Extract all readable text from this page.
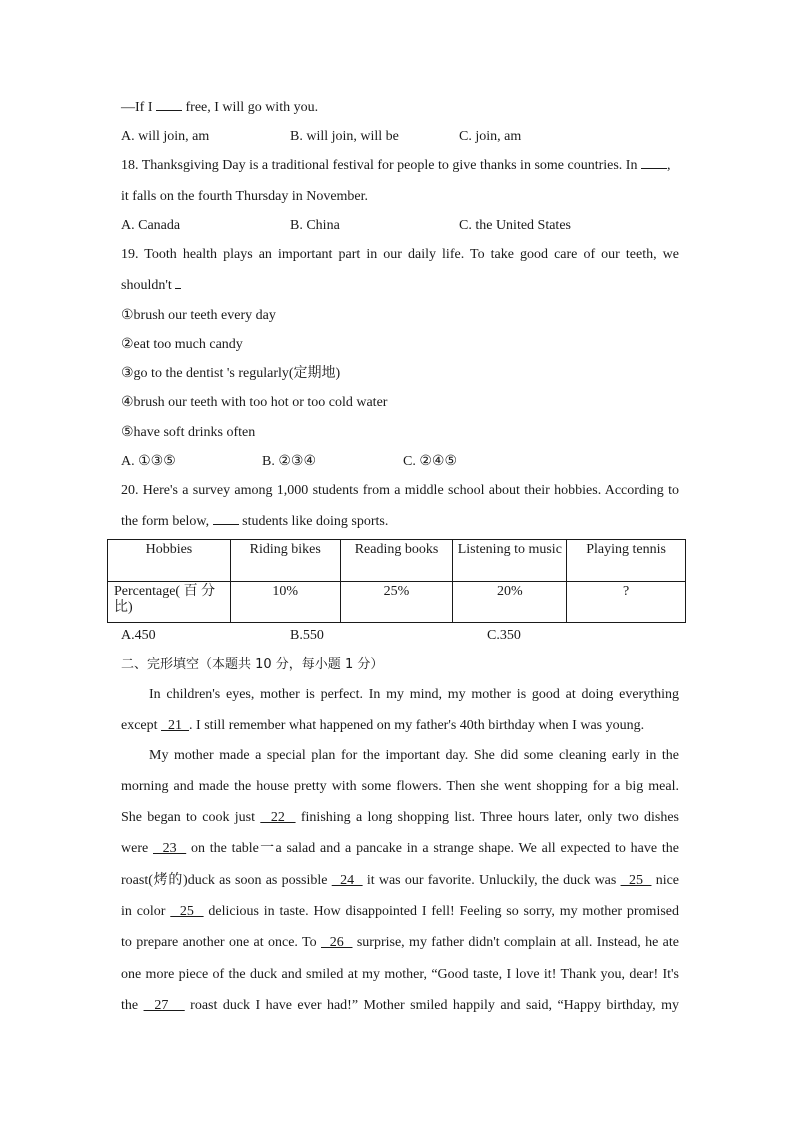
—If I  free, I will go with you.
A. will join, am	B. will join, will be	C. join, am
18. Thanksgiving Day is a traditional festival for people to give thanks in some countries. In ,
it falls on the fourth Thursday in November.
A. Canada	B. China	C. the United States
19. Tooth health plays an important part in our daily life. To take good care of our teeth, we
shouldn't
①brush our teeth every day
②eat too much candy
③go to the dentist 's regularly(定期地)
④brush our teeth with too hot or too cold water
⑤have soft drinks often
A. ①③⑤	B. ②③④	C. ②④⑤
20. Here's a survey among 1,000 students from a middle school about their hobbies. According to
the form below,  students like doing sports.
Hobbies	Riding bikes	Reading books	Listening to music	Playing tennis
Percentage( 百 分 比)	10%	25%	20%	?
A.450	B.550	C.350
二、完形填空（本题共 10 分，每小题 1 分）
In children's eyes, mother is perfect. In my mind, my mother is good at doing everything
except   21  . I still remember what happened on my father's 40th birthday when I was young.
My mother made a special plan for the important day. She did some cleaning early in the
morning and made the house pretty with some flowers. Then she went shopping for a big meal.
She began to cook just   22   finishing a long shopping list. Three hours later, only two dishes
were   23   on the table一a salad and a pancake in a strange shape. We all expected to have the
roast(烤的)duck as soon as possible   24   it was our favorite. Unluckily, the duck was   25   nice
in color   25   delicious in taste. How disappointed I fell! Feeling so sorry, my mother promised
to prepare another one at once. To   26   surprise, my father didn't complain at all. Instead, he ate
one more piece of the duck and smiled at my mother, “Good taste, I love it! Thank you, dear! It's
the   27    roast duck I have ever had!” Mother smiled happily and said, “Happy birthday, my
